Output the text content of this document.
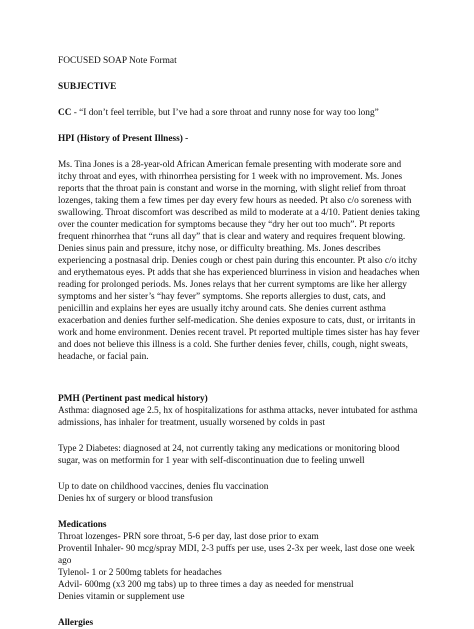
FOCUSED SOAP Note Format
SUBJECTIVE
CC - “I don’t feel terrible, but I’ve had a sore throat and runny nose for way too long”
HPI (History of Present Illness) -
Ms. Tina Jones is a 28-year-old African American female presenting with moderate sore and
itchy throat and eyes, with rhinorrhea persisting for 1 week with no improvement. Ms. Jones
reports that the throat pain is constant and worse in the morning, with slight relief from throat
lozenges, taking them a few times per day every few hours as needed. Pt also c/o soreness with
swallowing. Throat discomfort was described as mild to moderate at a 4/10. Patient denies taking
over the counter medication for symptoms because they “dry her out too much”. Pt reports
frequent rhinorrhea that “runs all day” that is clear and watery and requires frequent blowing.
Denies sinus pain and pressure, itchy nose, or difficulty breathing. Ms. Jones describes
experiencing a postnasal drip. Denies cough or chest pain during this encounter. Pt also c/o itchy
and erythematous eyes. Pt adds that she has experienced blurriness in vision and headaches when
reading for prolonged periods. Ms. Jones relays that her current symptoms are like her allergy
symptoms and her sister’s “hay fever” symptoms. She reports allergies to dust, cats, and
penicillin and explains her eyes are usually itchy around cats. She denies current asthma
exacerbation and denies further self-medication. She denies exposure to cats, dust, or irritants in
work and home environment. Denies recent travel. Pt reported multiple times sister has hay fever
and does not believe this illness is a cold. She further denies fever, chills, cough, night sweats,
headache, or facial pain.
PMH (Pertinent past medical history)
Asthma: diagnosed age 2.5, hx of hospitalizations for asthma attacks, never intubated for asthma
admissions, has inhaler for treatment, usually worsened by colds in past
Type 2 Diabetes: diagnosed at 24, not currently taking any medications or monitoring blood
sugar, was on metformin for 1 year with self-discontinuation due to feeling unwell
Up to date on childhood vaccines, denies flu vaccination
Denies hx of surgery or blood transfusion
Medications
Throat lozenges- PRN sore throat, 5-6 per day, last dose prior to exam
Proventil Inhaler- 90 mcg/spray MDI, 2-3 puffs per use, uses 2-3x per week, last dose one week
ago
Tylenol- 1 or 2 500mg tablets for headaches
Advil- 600mg (x3 200 mg tabs) up to three times a day as needed for menstrual
Denies vitamin or supplement use
Allergies
